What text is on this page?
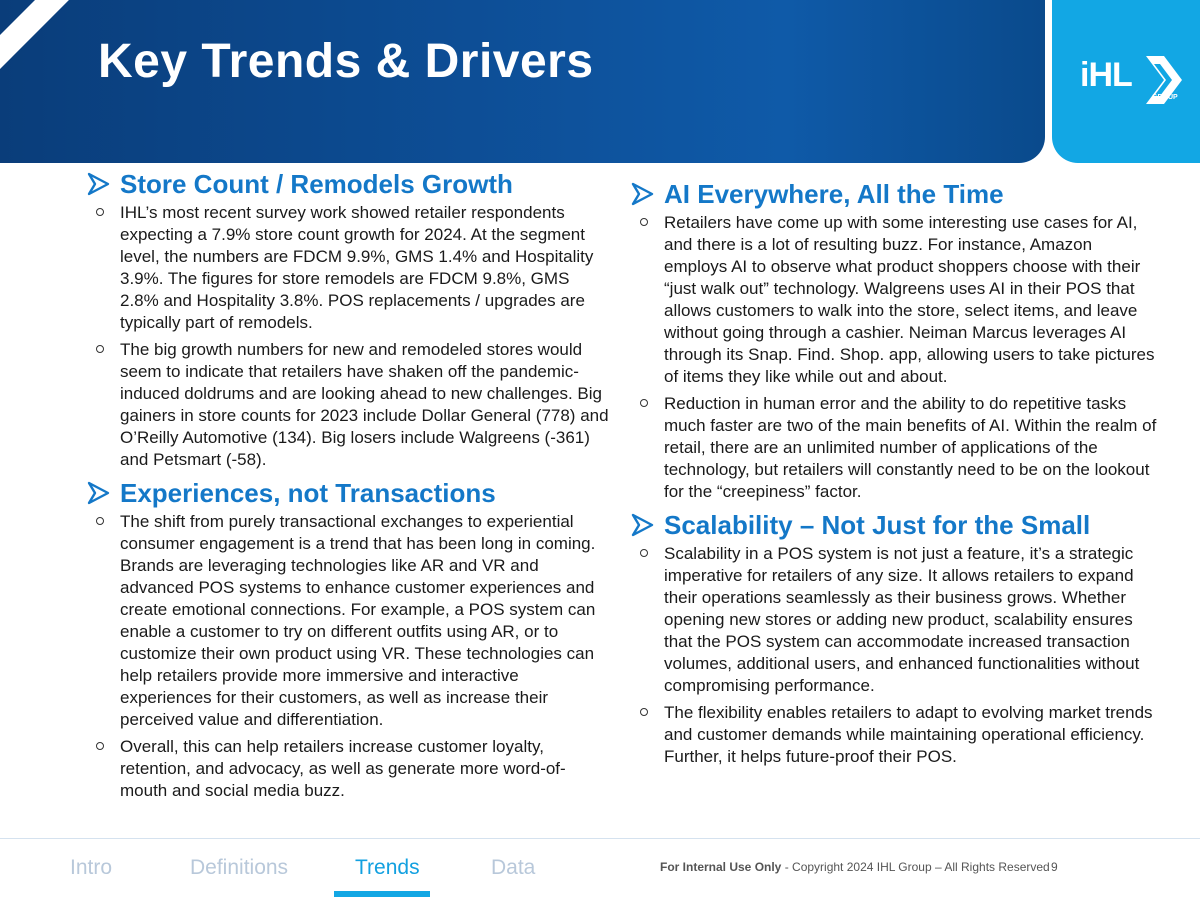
Key Trends & Drivers	iHL
GROUP
Store Count / Remodels Growth
IHL’s most recent survey work showed retailer respondents expecting a 7.9% store count growth for 2024. At the segment level, the numbers are FDCM 9.9%, GMS 1.4% and Hospitality 3.9%. The figures for store remodels are FDCM 9.8%, GMS 2.8% and Hospitality 3.8%. POS replacements / upgrades are typically part of remodels.
The big growth numbers for new and remodeled stores would seem to indicate that retailers have shaken off the pandemic-induced doldrums and are looking ahead to new challenges. Big gainers in store counts for 2023 include Dollar General (778) and O’Reilly Automotive (134). Big losers include Walgreens (-361) and Petsmart (-58).
Experiences, not Transactions
The shift from purely transactional exchanges to experiential consumer engagement is a trend that has been long in coming. Brands are leveraging technologies like AR and VR and advanced POS systems to enhance customer experiences and create emotional connections. For example, a POS system can enable a customer to try on different outfits using AR, or to customize their own product using VR. These technologies can help retailers provide more immersive and interactive experiences for their customers, as well as increase their perceived value and differentiation.
Overall, this can help retailers increase customer loyalty, retention, and advocacy, as well as generate more word-of-mouth and social media buzz.
AI Everywhere, All the Time
Retailers have come up with some interesting use cases for AI, and there is a lot of resulting buzz. For instance, Amazon employs AI to observe what product shoppers choose with their “just walk out” technology. Walgreens uses AI in their POS that allows customers to walk into the store, select items, and leave without going through a cashier. Neiman Marcus leverages AI through its Snap. Find. Shop. app, allowing users to take pictures of items they like while out and about.
Reduction in human error and the ability to do repetitive tasks much faster are two of the main benefits of AI. Within the realm of retail, there are an unlimited number of applications of the technology, but retailers will constantly need to be on the lookout for the “creepiness” factor.
Scalability – Not Just for the Small
Scalability in a POS system is not just a feature, it’s a strategic imperative for retailers of any size. It allows retailers to expand their operations seamlessly as their business grows. Whether opening new stores or adding new product, scalability ensures that the POS system can accommodate increased transaction volumes, additional users, and enhanced functionalities without compromising performance.
The flexibility enables retailers to adapt to evolving market trends and customer demands while maintaining operational efficiency. Further, it helps future-proof their POS.
Intro	Definitions	Trends	Data	For Internal Use Only - Copyright 2024 IHL Group – All Rights Reserved 9
